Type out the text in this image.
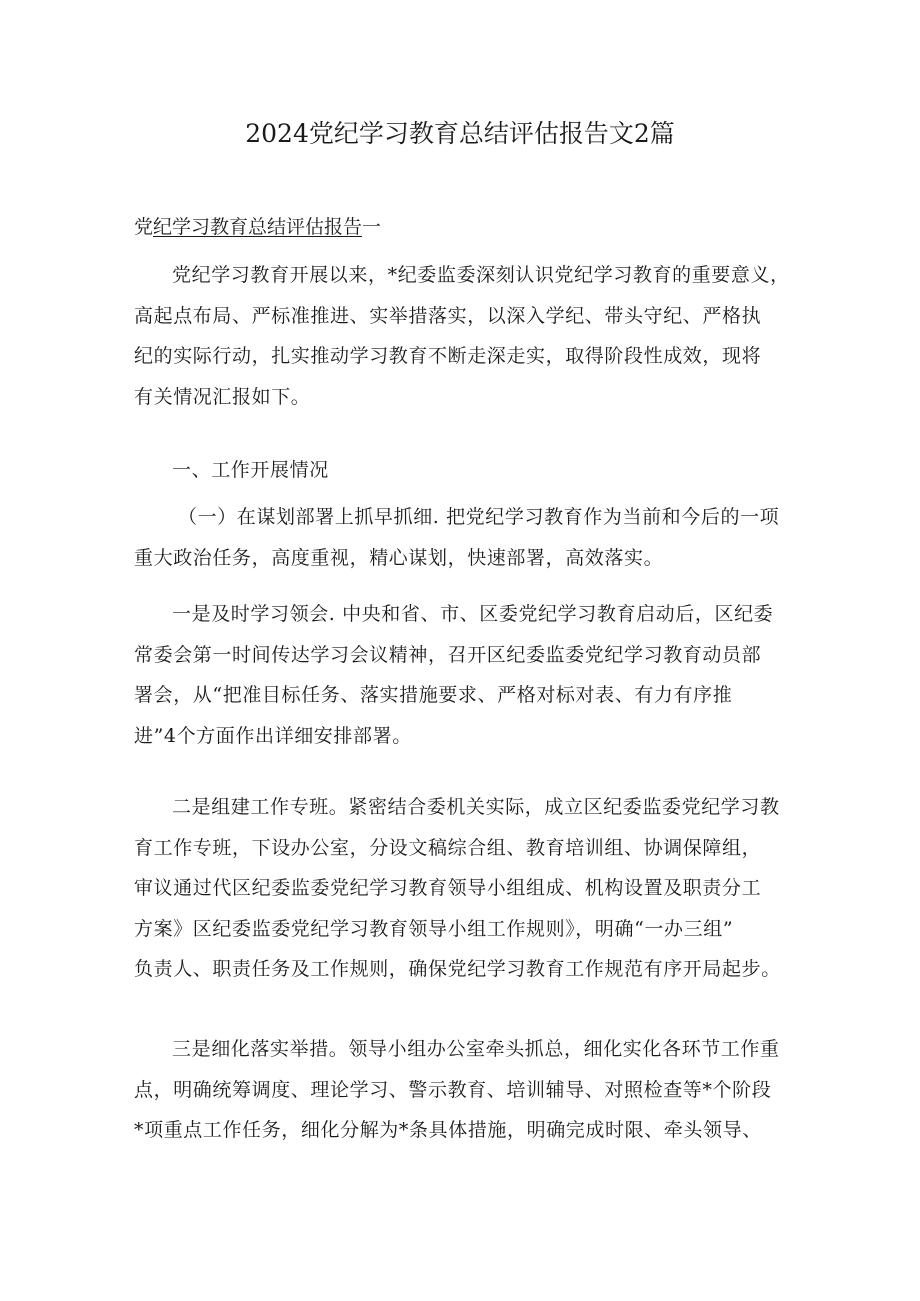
2024党纪学习教育总结评估报告文2篇

党纪学习教育总结评估报告一

党纪学习教育开展以来，*纪委监委深刻认识党纪学习教育的重要意义，
高起点布局、严标准推进、实举措落实，以深入学纪、带头守纪、严格执
纪的实际行动，扎实推动学习教育不断走深走实，取得阶段性成效，现将
有关情况汇报如下。
一、工作开展情况
（一）在谋划部署上抓早抓细. 把党纪学习教育作为当前和今后的一项
重大政治任务，高度重视，精心谋划，快速部署，高效落实。
一是及时学习领会. 中央和省、市、区委党纪学习教育启动后，区纪委
常委会第一时间传达学习会议精神，召开区纪委监委党纪学习教育动员部
署会，从“把准目标任务、落实措施要求、严格对标对表、有力有序推
进”4个方面作出详细安排部署。
二是组建工作专班。紧密结合委机关实际，成立区纪委监委党纪学习教
育工作专班，下设办公室，分设文稿综合组、教育培训组、协调保障组，
审议通过代区纪委监委党纪学习教育领导小组组成、机构设置及职责分工
方案》区纪委监委党纪学习教育领导小组工作规则》，明确“一办三组”
负责人、职责任务及工作规则，确保党纪学习教育工作规范有序开局起步。
三是细化落实举措。领导小组办公室牵头抓总，细化实化各环节工作重
点，明确统筹调度、理论学习、警示教育、培训辅导、对照检查等*个阶段
*项重点工作任务，细化分解为*条具体措施，明确完成时限、牵头领导、
